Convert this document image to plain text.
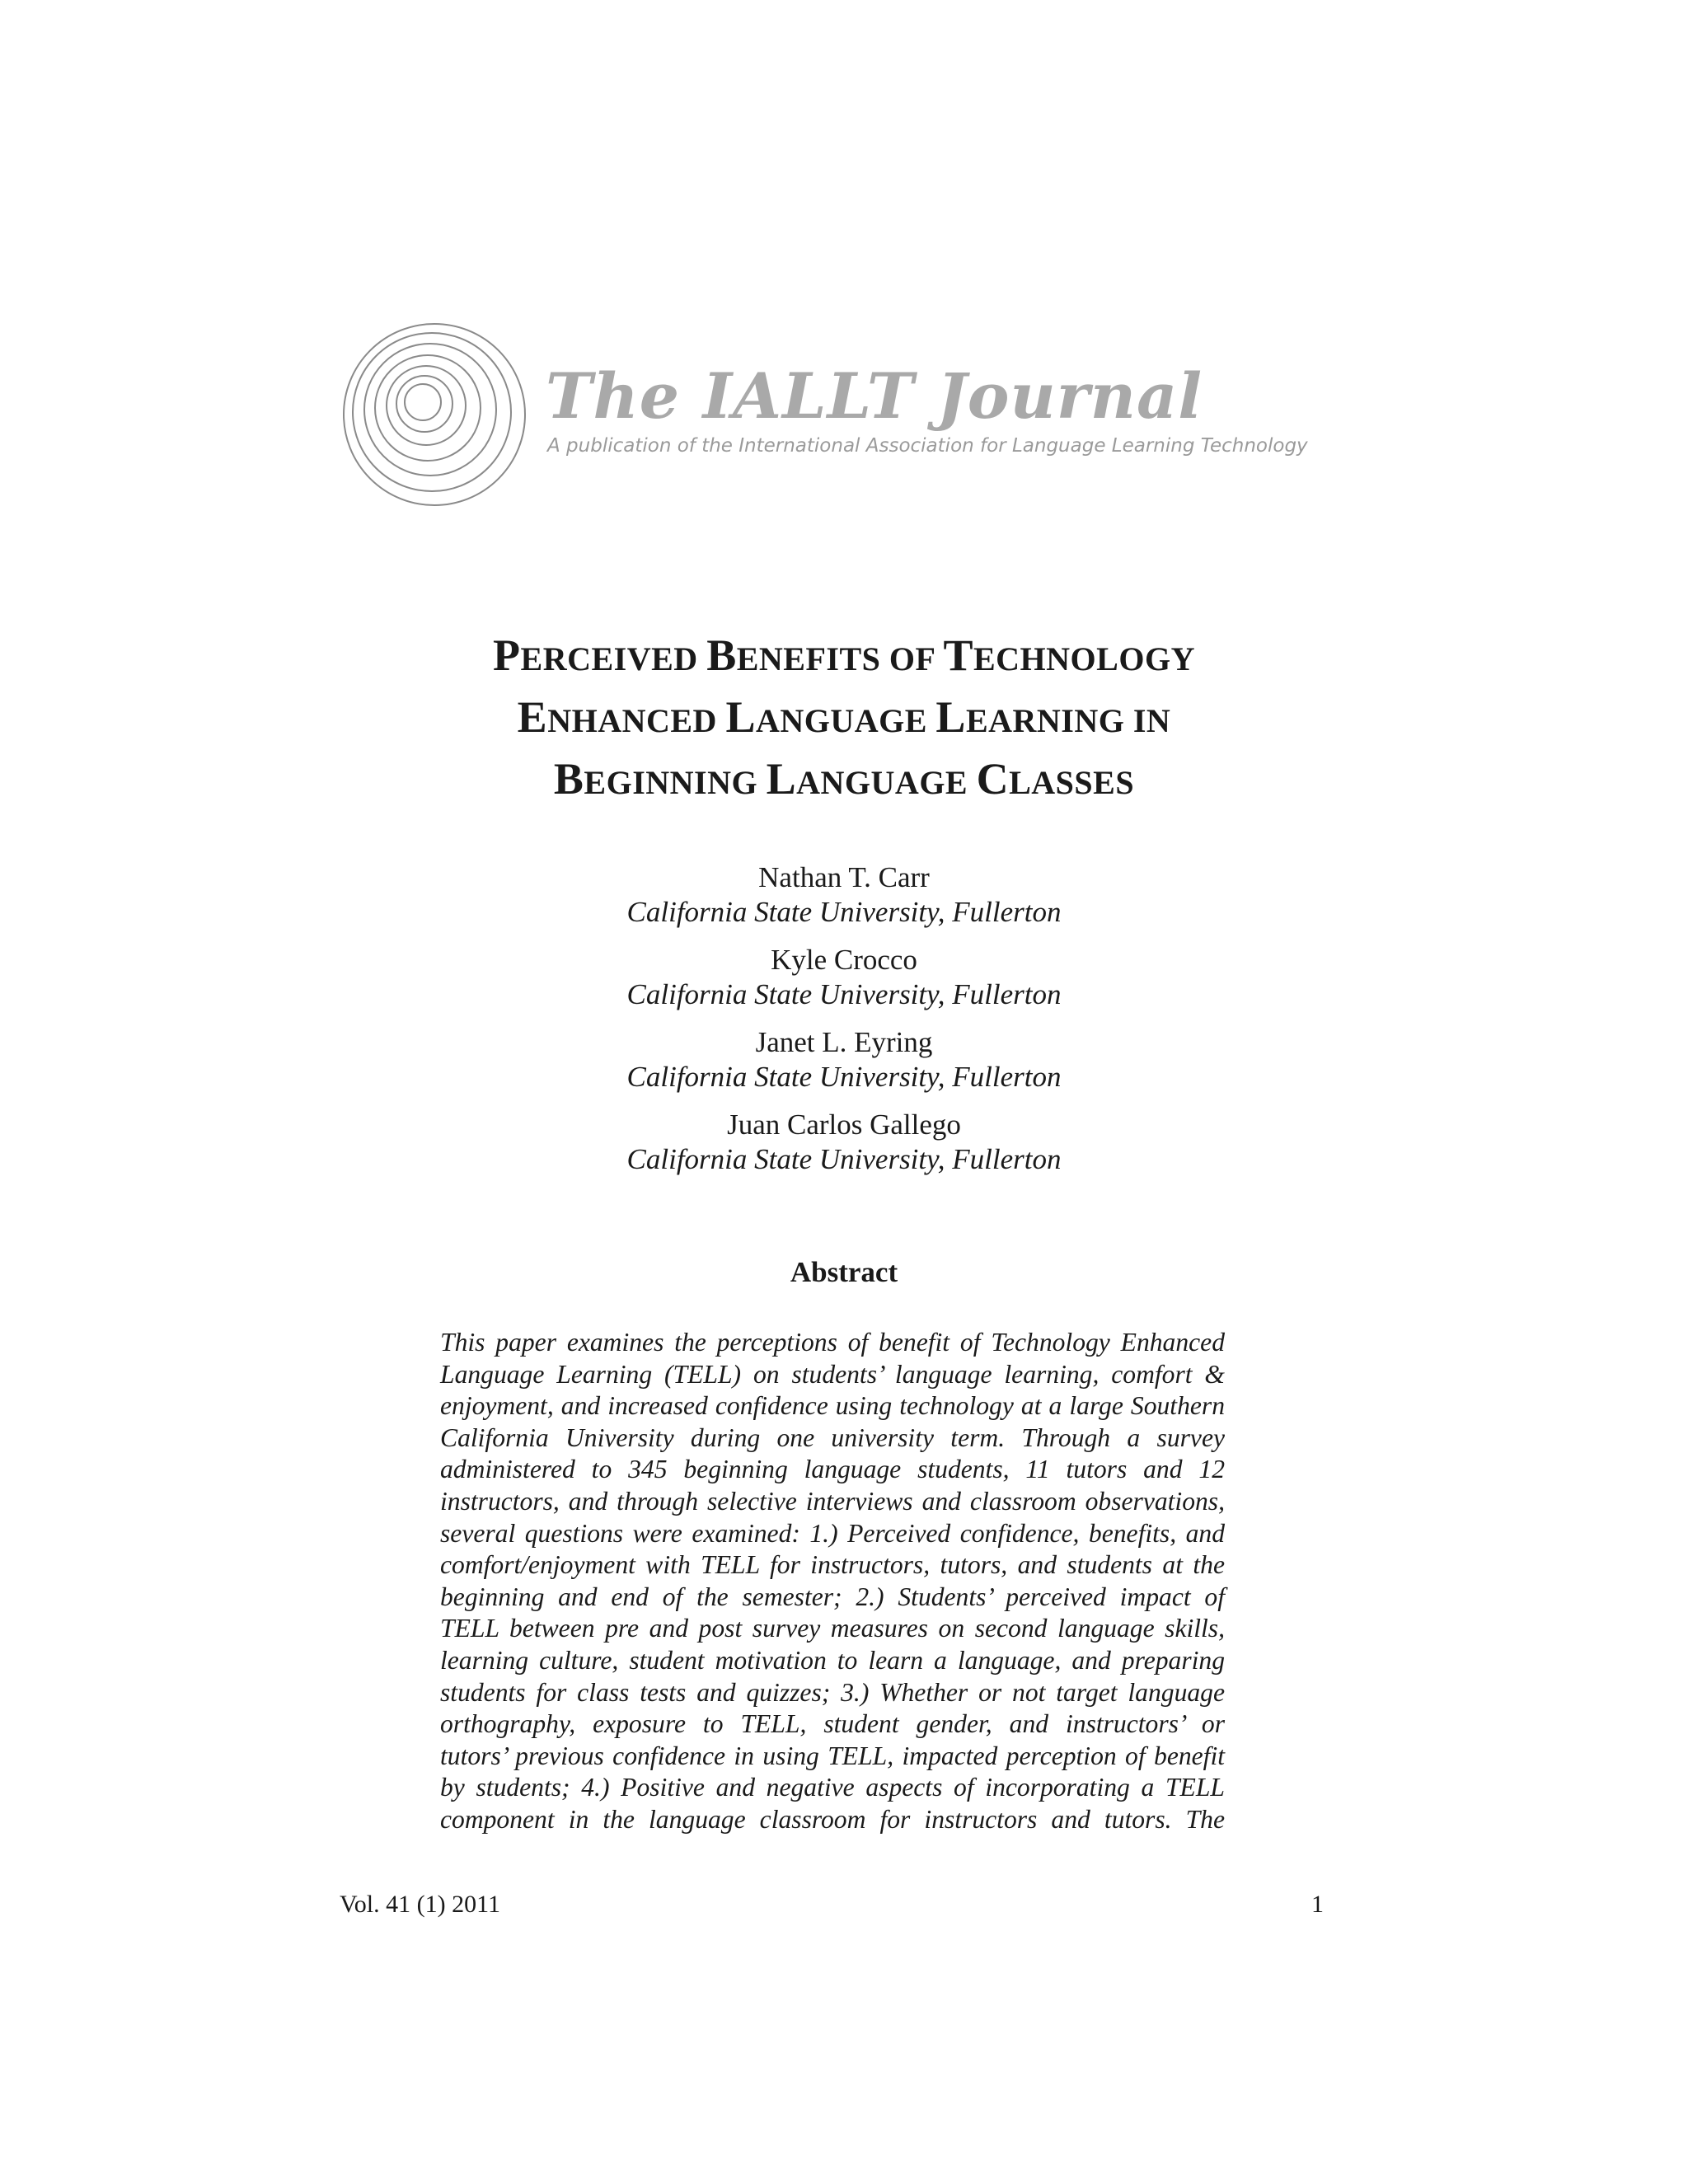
The IALLT Journal
A publication of the International Association for Language Learning Technology
PERCEIVED BENEFITS OF TECHNOLOGY
ENHANCED LANGUAGE LEARNING IN
BEGINNING LANGUAGE CLASSES
Nathan T. Carr
California State University, Fullerton
Kyle Crocco
California State University, Fullerton
Janet L. Eyring
California State University, Fullerton
Juan Carlos Gallego
California State University, Fullerton
Abstract
This paper examines the perceptions of benefit of Technology Enhanced
Language Learning (TELL) on students’ language learning, comfort &
enjoyment, and increased confidence using technology at a large Southern
California University during one university term. Through a survey
administered to 345 beginning language students, 11 tutors and 12
instructors, and through selective interviews and classroom observations,
several questions were examined: 1.) Perceived confidence, benefits, and
comfort/enjoyment with TELL for instructors, tutors, and students at the
beginning and end of the semester; 2.) Students’ perceived impact of
TELL between pre and post survey measures on second language skills,
learning culture, student motivation to learn a language, and preparing
students for class tests and quizzes; 3.) Whether or not target language
orthography, exposure to TELL, student gender, and instructors’ or
tutors’ previous confidence in using TELL, impacted perception of benefit
by students; 4.) Positive and negative aspects of incorporating a TELL
component in the language classroom for instructors and tutors. The
Vol. 41 (1) 2011	1
